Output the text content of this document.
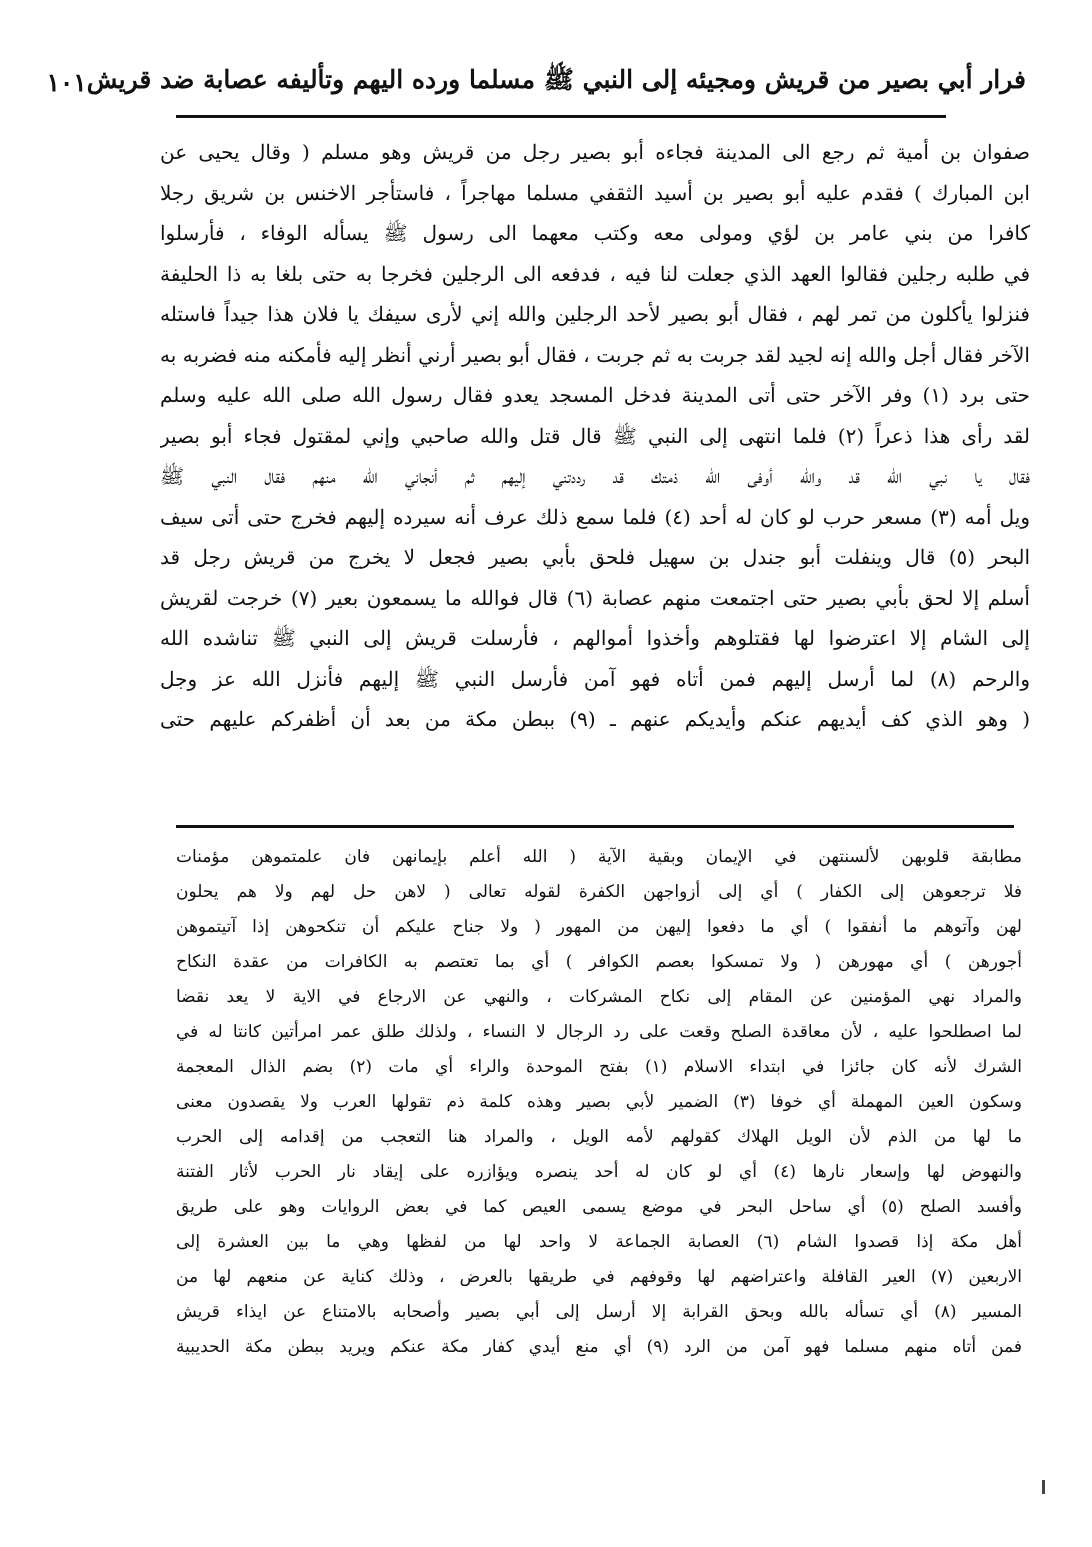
فرار أبي بصير من قريش ومجيئه إلى النبي ﷺ مسلما ورده اليهم وتأليفه عصابة ضد قريش
١٠١
صفوان بن أمية ثم رجع الى المدينة فجاءه أبو بصير رجل من قريش وهو مسلم ( وقال يحيى عن
ابن المبارك ) فقدم عليه أبو بصير بن أسيد الثقفي مسلما مهاجراً ، فاستأجر الاخنس بن شريق رجلا
كافرا من بني عامر بن لؤي ومولى معه وكتب معهما الى رسول ﷺ يسأله الوفاء ، فأرسلوا
في طلبه رجلين فقالوا العهد الذي جعلت لنا فيه ، فدفعه الى الرجلين فخرجا به حتى بلغا به ذا الحليفة
فنزلوا يأكلون من تمر لهم ، فقال أبو بصير لأحد الرجلين والله إني لأرى سيفك يا فلان هذا جيداً فاستله
الآخر فقال أجل والله إنه لجيد لقد جربت به ثم جربت ، فقال أبو بصير أرني أنظر إليه فأمكنه منه فضربه به
حتى برد (١) وفر الآخر حتى أتى المدينة فدخل المسجد يعدو فقال رسول الله صلى الله عليه وسلم
لقد رأى هذا ذعراً (٢) فلما انتهى إلى النبي ﷺ قال قتل والله صاحبي وإني لمقتول فجاء أبو بصير
فقال يا نبي الله قد والله أوفى الله ذمتك قد رددتني إليهم ثم أنجاني الله منهم فقال النبي ﷺ
ويل أمه (٣) مسعر حرب لو كان له أحد (٤) فلما سمع ذلك عرف أنه سيرده إليهم فخرج حتى أتى سيف
البحر (٥) قال وينفلت أبو جندل بن سهيل فلحق بأبي بصير فجعل لا يخرج من قريش رجل قد
أسلم إلا لحق بأبي بصير حتى اجتمعت منهم عصابة (٦) قال فوالله ما يسمعون بعير (٧) خرجت لقريش
إلى الشام إلا اعترضوا لها فقتلوهم وأخذوا أموالهم ، فأرسلت قريش إلى النبي ﷺ تناشده الله
والرحم (٨) لما أرسل إليهم فمن أتاه فهو آمن فأرسل النبي ﷺ إليهم فأنزل الله عز وجل
( وهو الذي كف أيديهم عنكم وأيديكم عنهم ـ (٩) ببطن مكة من بعد أن أظفركم عليهم حتى
مطابقة قلوبهن لألسنتهن في الإيمان وبقية الآية ( الله أعلم بإيمانهن فان علمتموهن مؤمنات
فلا ترجعوهن إلى الكفار ) أي إلى أزواجهن الكفرة لقوله تعالى ( لاهن حل لهم ولا هم يحلون
لهن وآتوهم ما أنفقوا ) أي ما دفعوا إليهن من المهور ( ولا جناح عليكم أن تنكحوهن إذا آتيتموهن
أجورهن ) أي مهورهن ( ولا تمسكوا بعصم الكوافر ) أي بما تعتصم به الكافرات من عقدة النكاح
والمراد نهي المؤمنين عن المقام إلى نكاح المشركات ، والنهي عن الارجاع في الاية لا يعد نقضا
لما اصطلحوا عليه ، لأن معاقدة الصلح وقعت على رد الرجال لا النساء ، ولذلك طلق عمر امرأتين كانتا له في
الشرك لأنه كان جائزا في ابتداء الاسلام (١) بفتح الموحدة والراء أي مات (٢) بضم الذال المعجمة
وسكون العين المهملة أي خوفا (٣) الضمير لأبي بصير وهذه كلمة ذم تقولها العرب ولا يقصدون معنى
ما لها من الذم لأن الويل الهلاك كقولهم لأمه الويل ، والمراد هنا التعجب من إقدامه إلى الحرب
والنهوض لها وإسعار نارها (٤) أي لو كان له أحد ينصره ويؤازره على إيقاد نار الحرب لأثار الفتنة
وأفسد الصلح (٥) أي ساحل البحر في موضع يسمى العيص كما في بعض الروايات وهو على طريق
أهل مكة إذا قصدوا الشام (٦) العصابة الجماعة لا واحد لها من لفظها وهي ما بين العشرة إلى
الاربعين (٧) العير القافلة واعتراضهم لها وقوفهم في طريقها بالعرض ، وذلك كناية عن منعهم لها من
المسير (٨) أي تسأله بالله وبحق القرابة إلا أرسل إلى أبي بصير وأصحابه بالامتناع عن ايذاء قريش
فمن أتاه منهم مسلما فهو آمن من الرد (٩) أي منع أيدي كفار مكة عنكم ويريد ببطن مكة الحديبية
